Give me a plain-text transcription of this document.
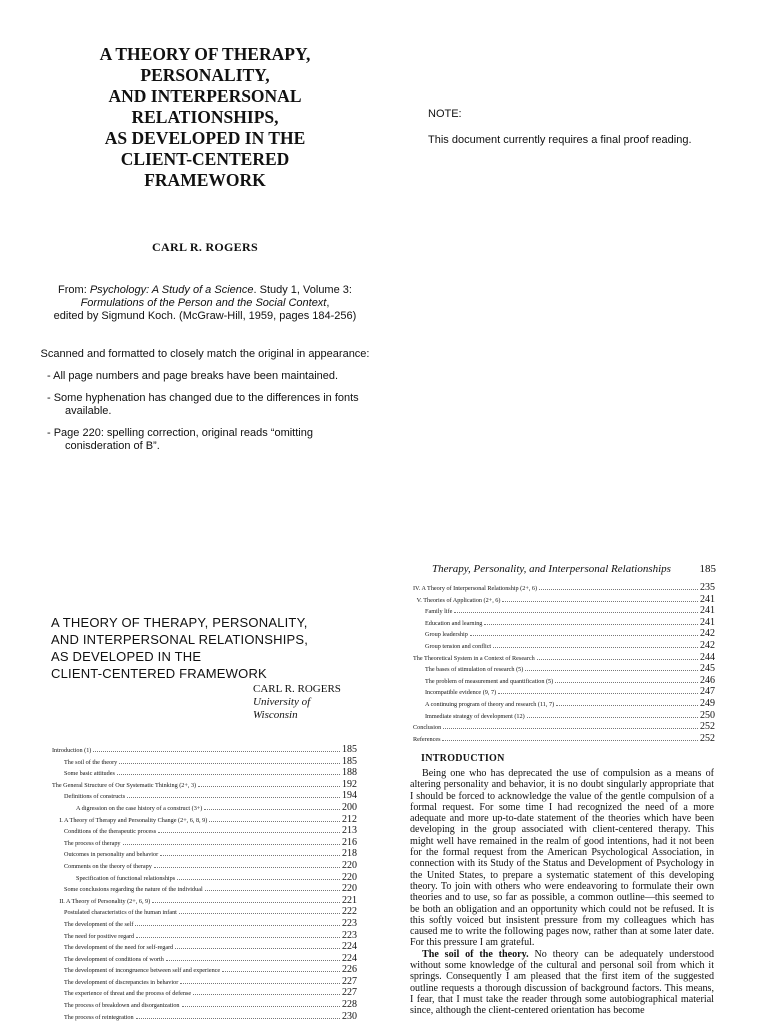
A THEORY OF THERAPY,
PERSONALITY,
AND INTERPERSONAL
RELATIONSHIPS,
AS DEVELOPED IN THE
CLIENT-CENTERED
FRAMEWORK
CARL R. ROGERS
From: Psychology: A Study of a Science. Study 1, Volume 3:
Formulations of the Person and the Social Context,
edited by Sigmund Koch. (McGraw-Hill, 1959, pages 184-256)
Scanned and formatted to closely match the original in appearance:
- All page numbers and page breaks have been maintained.
- Some hyphenation has changed due to the differences in fonts available.
- Page 220: spelling correction, original reads “omitting conisderation of B”.
NOTE:
This document currently requires a final proof reading.
A THEORY OF THERAPY, PERSONALITY,
AND INTERPERSONAL RELATIONSHIPS,
AS DEVELOPED IN THE
CLIENT-CENTERED FRAMEWORK
CARL R. ROGERS
University of
Wisconsin
Introduction (1)	185
The soil of the theory	185
Some basic attitudes	188
The General Structure of Our Systematic Thinking (2+, 3)	192
Definitions of constructs	194
A digression on the case history of a construct (3+)	200
I. A Theory of Therapy and Personality Change (2+, 6, 8, 9)	212
Conditions of the therapeutic process	213
The process of therapy	216
Outcomes in personality and behavior	218
Comments on the theory of therapy	220
Specification of functional relationships	220
Some conclusions regarding the nature of the individual	220
II. A Theory of Personality (2+, 6, 9)	221
Postulated characteristics of the human infant	222
The development of the self	223
The need for positive regard	223
The development of the need for self-regard	224
The development of conditions of worth	224
The development of incongruence between self and experience	226
The development of discrepancies in behavior	227
The experience of threat and the process of defense	227
The process of breakdown and disorganization	228
The process of reintegration	230
Therapy, Personality, and Interpersonal Relationships	185
IV. A Theory of Interpersonal Relationship (2+, 6)	235
V. Theories of Application (2+, 6)	241
Family life	241
Education and learning	241
Group leadership	242
Group tension and conflict	242
The Theoretical System in a Context of Research	244
The bases of stimulation of research (5)	245
The problem of measurement and quantification (5)	246
Incompatible evidence (9, 7)	247
A continuing program of theory and research (11, 7)	249
Immediate strategy of development (12)	250
Conclusion	252
References	252
INTRODUCTION

Being one who has deprecated the use of compulsion as a means of altering personality and behavior, it is no doubt singularly appropriate that I should be forced to acknowledge the value of the gentle compulsion of a formal request. For some time I had recognized the need of a more adequate and more up-to-date statement of the theories which have been developing in the group associated with client-centered therapy. This might well have remained in the realm of good intentions, had it not been for the formal request from the American Psychological Association, in connection with its Study of the Status and Development of Psychology in the United States, to prepare a systematic statement of this developing theory. To join with others who were endeavoring to formulate their own theories and to use, so far as possible, a common outline—this seemed to be both an obligation and an opportunity which could not be refused. It is this softly voiced but insistent pressure from my colleagues which has caused me to write the following pages now, rather than at some later date. For this pressure I am grateful.

The soil of the theory. No theory can be adequately understood without some knowledge of the cultural and personal soil from which it springs. Consequently I am pleased that the first item of the suggested outline requests a thorough discussion of background factors. This means, I fear, that I must take the reader through some autobiographical material since, although the client-centered orientation has become
